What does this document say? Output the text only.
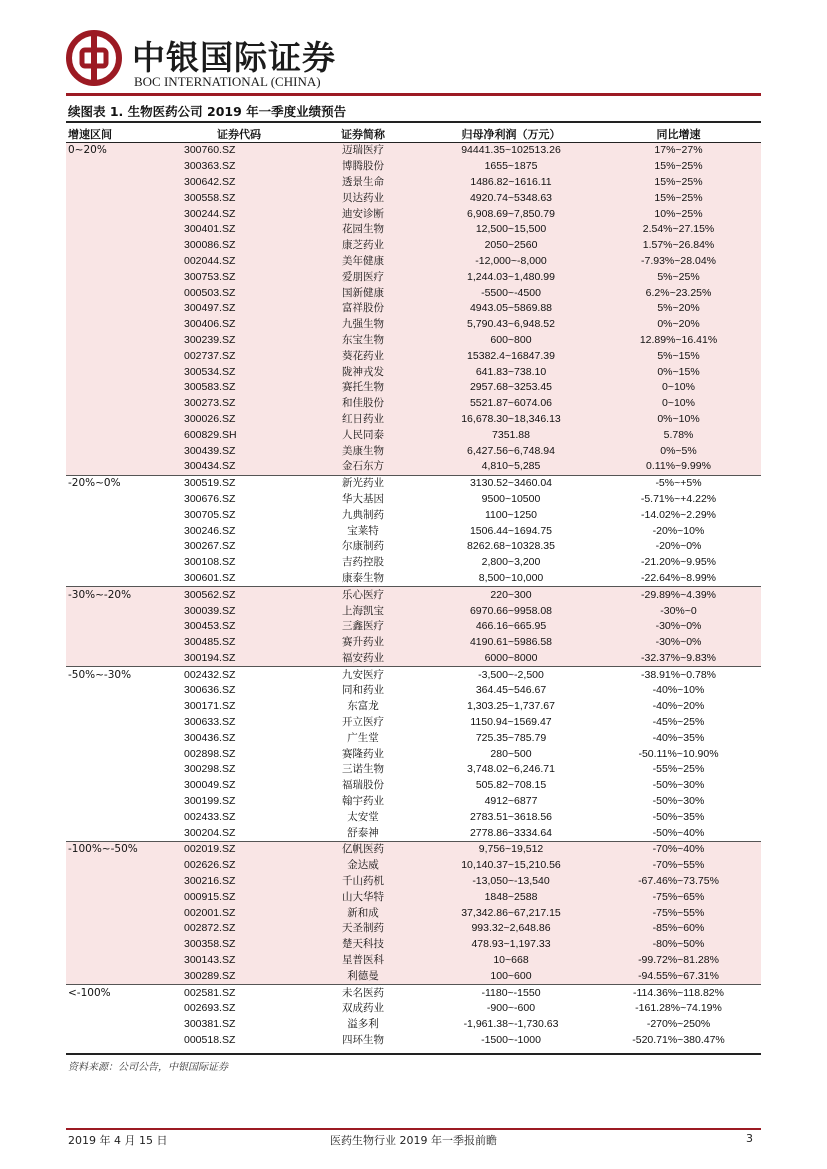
中银国际证券
BOC INTERNATIONAL (CHINA)
续图表 1. 生物医药公司 2019 年一季度业绩预告
增速区间	证券代码	证券简称	归母净利润（万元）	同比增速
0~20%	300760.SZ	迈瑞医疗	94441.35~102513.26	17%~27%
	300363.SZ	博腾股份	1655~1875	15%~25%
	300642.SZ	透景生命	1486.82~1616.11	15%~25%
	300558.SZ	贝达药业	4920.74~5348.63	15%~25%
	300244.SZ	迪安诊断	6,908.69~7,850.79	10%~25%
	300401.SZ	花园生物	12,500~15,500	2.54%~27.15%
	300086.SZ	康芝药业	2050~2560	1.57%~26.84%
	002044.SZ	美年健康	-12,000~-8,000	-7.93%~28.04%
	300753.SZ	爱朋医疗	1,244.03~1,480.99	5%~25%
	000503.SZ	国新健康	-5500~-4500	6.2%~23.25%
	300497.SZ	富祥股份	4943.05~5869.88	5%~20%
	300406.SZ	九强生物	5,790.43~6,948.52	0%~20%
	300239.SZ	东宝生物	600~800	12.89%~16.41%
	002737.SZ	葵花药业	15382.4~16847.39	5%~15%
	300534.SZ	陇神戎发	641.83~738.10	0%~15%
	300583.SZ	赛托生物	2957.68~3253.45	0~10%
	300273.SZ	和佳股份	5521.87~6074.06	0~10%
	300026.SZ	红日药业	16,678.30~18,346.13	0%~10%
	600829.SH	人民同泰	7351.88	5.78%
	300439.SZ	美康生物	6,427.56~6,748.94	0%~5%
	300434.SZ	金石东方	4,810~5,285	0.11%~9.99%
-20%~0%	300519.SZ	新光药业	3130.52~3460.04	-5%~+5%
	300676.SZ	华大基因	9500~10500	-5.71%~+4.22%
	300705.SZ	九典制药	1100~1250	-14.02%~2.29%
	300246.SZ	宝莱特	1506.44~1694.75	-20%~10%
	300267.SZ	尔康制药	8262.68~10328.35	-20%~0%
	300108.SZ	吉药控股	2,800~3,200	-21.20%~9.95%
	300601.SZ	康泰生物	8,500~10,000	-22.64%~8.99%
-30%~-20%	300562.SZ	乐心医疗	220~300	-29.89%~4.39%
	300039.SZ	上海凯宝	6970.66~9958.08	-30%~0
	300453.SZ	三鑫医疗	466.16~665.95	-30%~0%
	300485.SZ	赛升药业	4190.61~5986.58	-30%~0%
	300194.SZ	福安药业	6000~8000	-32.37%~9.83%
-50%~-30%	002432.SZ	九安医疗	-3,500~-2,500	-38.91%~0.78%
	300636.SZ	同和药业	364.45~546.67	-40%~10%
	300171.SZ	东富龙	1,303.25~1,737.67	-40%~20%
	300633.SZ	开立医疗	1150.94~1569.47	-45%~25%
	300436.SZ	广生堂	725.35~785.79	-40%~35%
	002898.SZ	赛隆药业	280~500	-50.11%~10.90%
	300298.SZ	三诺生物	3,748.02~6,246.71	-55%~25%
	300049.SZ	福瑞股份	505.82~708.15	-50%~30%
	300199.SZ	翰宇药业	4912~6877	-50%~30%
	002433.SZ	太安堂	2783.51~3618.56	-50%~35%
	300204.SZ	舒泰神	2778.86~3334.64	-50%~40%
-100%~-50%	002019.SZ	亿帆医药	9,756~19,512	-70%~40%
	002626.SZ	金达威	10,140.37~15,210.56	-70%~55%
	300216.SZ	千山药机	-13,050~-13,540	-67.46%~73.75%
	000915.SZ	山大华特	1848~2588	-75%~65%
	002001.SZ	新和成	37,342.86~67,217.15	-75%~55%
	002872.SZ	天圣制药	993.32~2,648.86	-85%~60%
	300358.SZ	楚天科技	478.93~1,197.33	-80%~50%
	300143.SZ	星普医科	10~668	-99.72%~81.28%
	300289.SZ	利德曼	100~600	-94.55%~67.31%
<-100%	002581.SZ	未名医药	-1180~-1550	-114.36%~118.82%
	002693.SZ	双成药业	-900~-600	-161.28%~74.19%
	300381.SZ	溢多利	-1,961.38~-1,730.63	-270%~250%
	000518.SZ	四环生物	-1500~-1000	-520.71%~380.47%
资料来源：公司公告，中银国际证券
2019 年 4 月 15 日	医药生物行业 2019 年一季报前瞻	3
